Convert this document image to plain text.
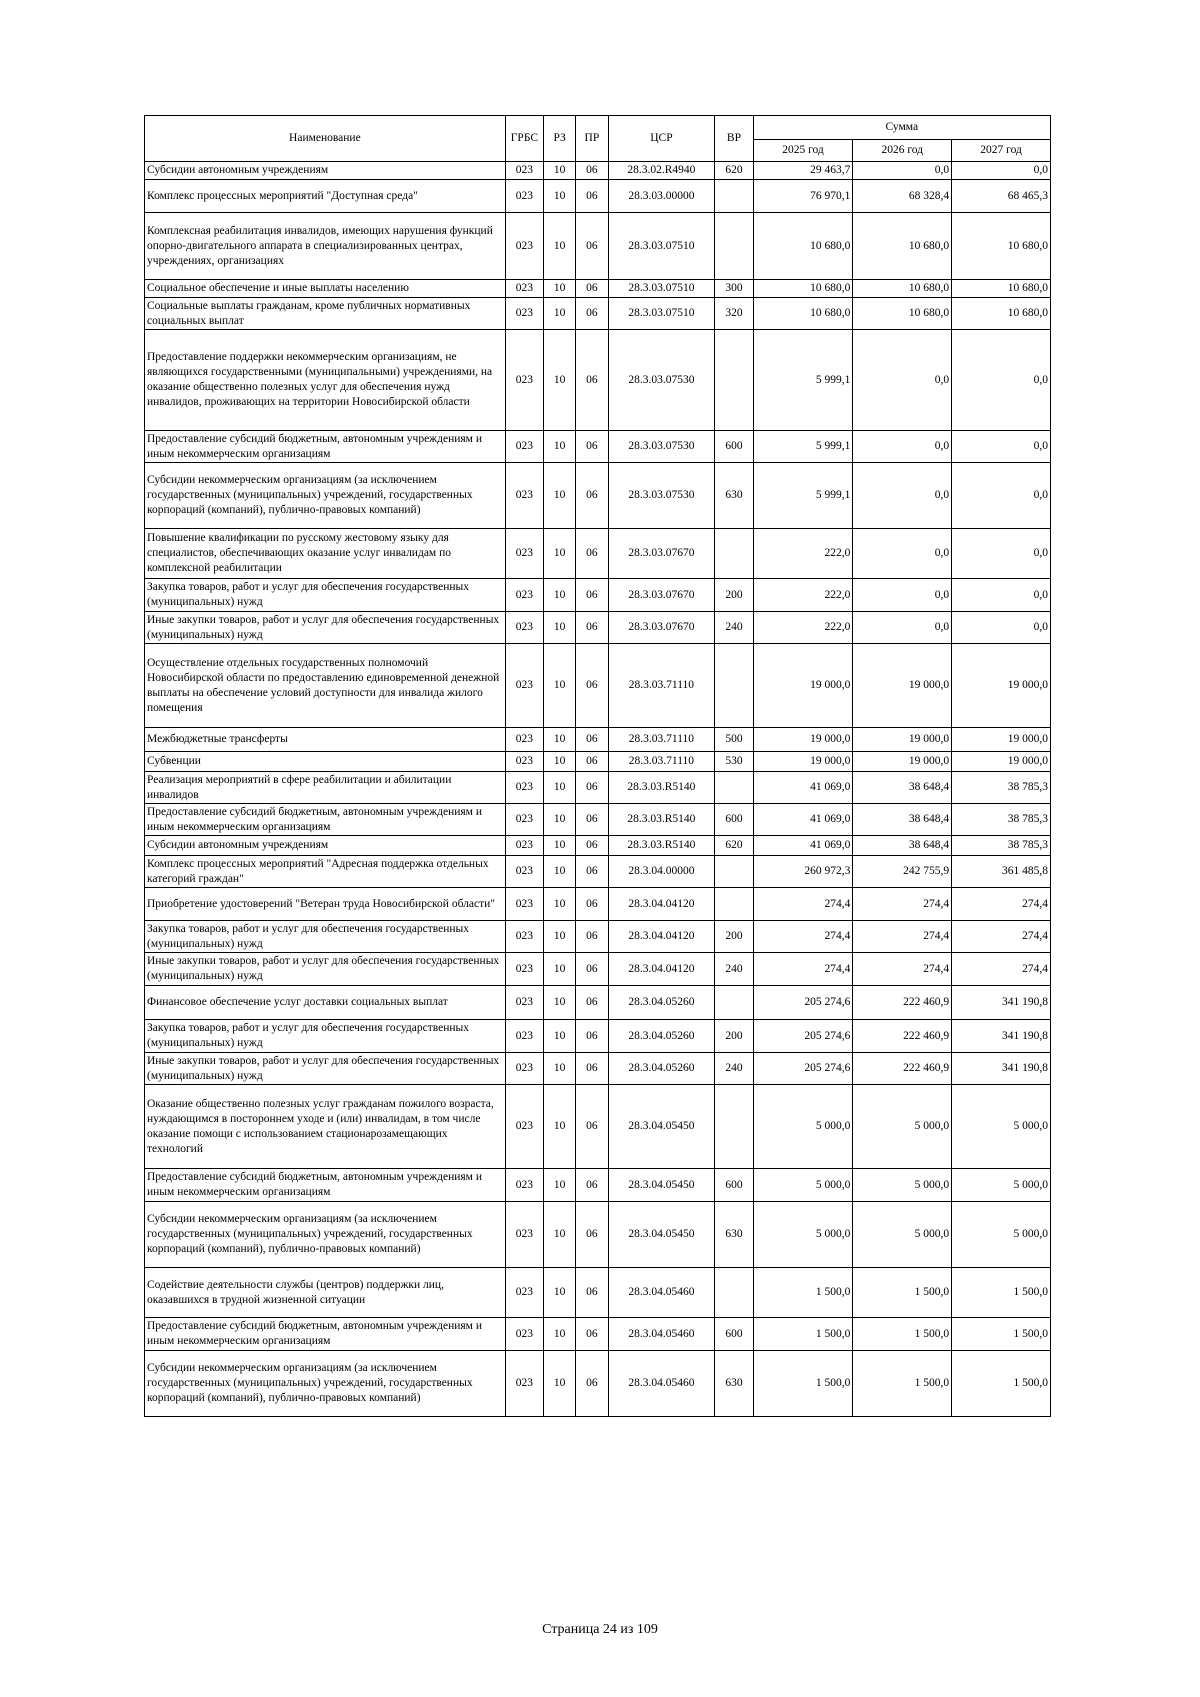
Наименование	ГРБС	РЗ	ПР	ЦСР	ВР	Сумма		
						2025 год	2026 год	2027 год
Субсидии автономным учреждениям	023	10	06	28.3.02.R4940	620	29 463,7	0,0	0,0
Комплекс процессных мероприятий "Доступная среда"	023	10	06	28.3.03.00000		76 970,1	68 328,4	68 465,3
Комплексная реабилитация инвалидов, имеющих нарушения функций опорно-двигательного аппарата в специализированных центрах, учреждениях, организациях	023	10	06	28.3.03.07510		10 680,0	10 680,0	10 680,0
Социальное обеспечение и иные выплаты населению	023	10	06	28.3.03.07510	300	10 680,0	10 680,0	10 680,0
Социальные выплаты гражданам, кроме публичных нормативных социальных выплат	023	10	06	28.3.03.07510	320	10 680,0	10 680,0	10 680,0
Предоставление поддержки некоммерческим организациям, не являющихся государственными (муниципальными) учреждениями, на оказание общественно полезных услуг для обеспечения нужд инвалидов, проживающих на территории Новосибирской области	023	10	06	28.3.03.07530		5 999,1	0,0	0,0
Предоставление субсидий бюджетным, автономным учреждениям и иным некоммерческим организациям	023	10	06	28.3.03.07530	600	5 999,1	0,0	0,0
Субсидии некоммерческим организациям (за исключением государственных (муниципальных) учреждений, государственных корпораций (компаний), публично-правовых компаний)	023	10	06	28.3.03.07530	630	5 999,1	0,0	0,0
Повышение квалификации по русскому жестовому языку для специалистов, обеспечивающих оказание услуг инвалидам по комплексной реабилитации	023	10	06	28.3.03.07670		222,0	0,0	0,0
Закупка товаров, работ и услуг для обеспечения государственных (муниципальных) нужд	023	10	06	28.3.03.07670	200	222,0	0,0	0,0
Иные закупки товаров, работ и услуг для обеспечения государственных (муниципальных) нужд	023	10	06	28.3.03.07670	240	222,0	0,0	0,0
Осуществление отдельных государственных полномочий Новосибирской области по предоставлению единовременной денежной выплаты на обеспечение условий доступности для инвалида жилого помещения	023	10	06	28.3.03.71110		19 000,0	19 000,0	19 000,0
Межбюджетные трансферты	023	10	06	28.3.03.71110	500	19 000,0	19 000,0	19 000,0
Субвенции	023	10	06	28.3.03.71110	530	19 000,0	19 000,0	19 000,0
Реализация мероприятий в сфере реабилитации и абилитации инвалидов	023	10	06	28.3.03.R5140		41 069,0	38 648,4	38 785,3
Предоставление субсидий бюджетным, автономным учреждениям и иным некоммерческим организациям	023	10	06	28.3.03.R5140	600	41 069,0	38 648,4	38 785,3
Субсидии автономным учреждениям	023	10	06	28.3.03.R5140	620	41 069,0	38 648,4	38 785,3
Комплекс процессных мероприятий "Адресная поддержка отдельных категорий граждан"	023	10	06	28.3.04.00000		260 972,3	242 755,9	361 485,8
Приобретение удостоверений "Ветеран труда Новосибирской области"	023	10	06	28.3.04.04120		274,4	274,4	274,4
Закупка товаров, работ и услуг для обеспечения государственных (муниципальных) нужд	023	10	06	28.3.04.04120	200	274,4	274,4	274,4
Иные закупки товаров, работ и услуг для обеспечения государственных (муниципальных) нужд	023	10	06	28.3.04.04120	240	274,4	274,4	274,4
Финансовое обеспечение услуг доставки социальных выплат	023	10	06	28.3.04.05260		205 274,6	222 460,9	341 190,8
Закупка товаров, работ и услуг для обеспечения государственных (муниципальных) нужд	023	10	06	28.3.04.05260	200	205 274,6	222 460,9	341 190,8
Иные закупки товаров, работ и услуг для обеспечения государственных (муниципальных) нужд	023	10	06	28.3.04.05260	240	205 274,6	222 460,9	341 190,8
Оказание общественно полезных услуг гражданам пожилого возраста, нуждающимся в постороннем уходе и (или) инвалидам, в том числе оказание помощи с использованием стационарозамещающих технологий	023	10	06	28.3.04.05450		5 000,0	5 000,0	5 000,0
Предоставление субсидий бюджетным, автономным учреждениям и иным некоммерческим организациям	023	10	06	28.3.04.05450	600	5 000,0	5 000,0	5 000,0
Субсидии некоммерческим организациям (за исключением государственных (муниципальных) учреждений, государственных корпораций (компаний), публично-правовых компаний)	023	10	06	28.3.04.05450	630	5 000,0	5 000,0	5 000,0
Содействие деятельности службы (центров) поддержки лиц, оказавшихся в трудной жизненной ситуации	023	10	06	28.3.04.05460		1 500,0	1 500,0	1 500,0
Предоставление субсидий бюджетным, автономным учреждениям и иным некоммерческим организациям	023	10	06	28.3.04.05460	600	1 500,0	1 500,0	1 500,0
Субсидии некоммерческим организациям (за исключением государственных (муниципальных) учреждений, государственных корпораций (компаний), публично-правовых компаний)	023	10	06	28.3.04.05460	630	1 500,0	1 500,0	1 500,0
Страница 24 из 109
